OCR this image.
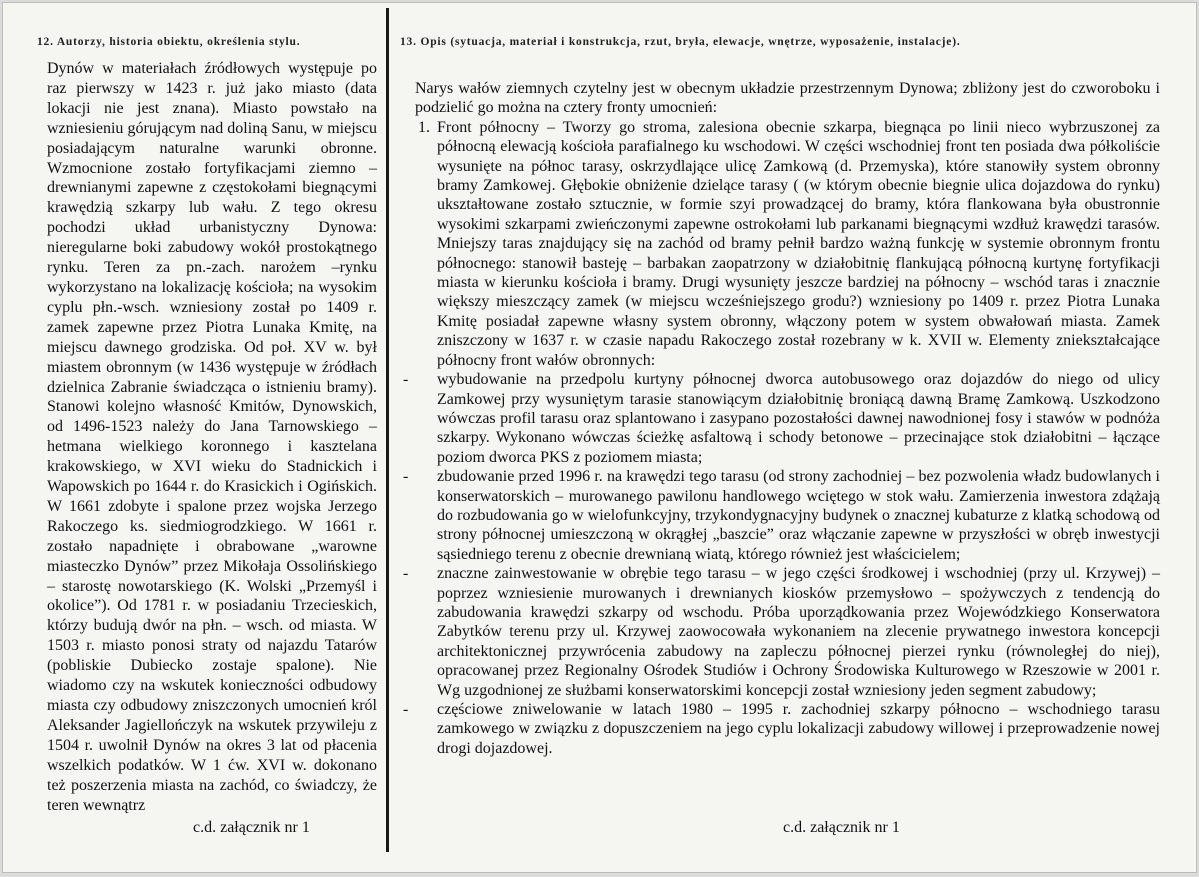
12. Autorzy, historia obiektu, określenia stylu.	13. Opis (sytuacja, materiał i konstrukcja, rzut, bryła, elewacje, wnętrze, wyposażenie, instalacje).

Dynów w materiałach źródłowych występuje po raz pierwszy w 1423 r. już jako miasto (data lokacji nie jest znana). Miasto powstało na wzniesieniu górującym nad doliną Sanu, w miejscu posiadającym naturalne warunki obronne. Wzmocnione zostało fortyfikacjami ziemno – drewnianymi zapewne z częstokołami biegnącymi krawędzią szkarpy lub wału. Z tego okresu pochodzi układ urbanistyczny Dynowa: nieregularne boki zabudowy wokół prostokątnego rynku. Teren za pn.-zach. narożem –rynku wykorzystano na lokalizację kościoła; na wysokim cyplu płn.-wsch. wzniesiony został po 1409 r. zamek zapewne przez Piotra Lunaka Kmitę, na miejscu dawnego grodziska. Od poł. XV w. był miastem obronnym (w 1436 występuje w źródłach dzielnica Zabranie świadcząca o istnieniu bramy). Stanowi kolejno własność Kmitów, Dynowskich, od 1496-1523 należy do Jana Tarnowskiego – hetmana wielkiego koronnego i kasztelana krakowskiego, w XVI wieku do Stadnickich i Wapowskich po 1644 r. do Krasickich i Ogińskich. W 1661 zdobyte i spalone przez wojska Jerzego Rakoczego ks. siedmiogrodzkiego. W 1661 r. zostało napadnięte i obrabowane „warowne miasteczko Dynów” przez Mikołaja Ossolińskiego – starostę nowotarskiego (K. Wolski „Przemyśl i okolice”). Od 1781 r. w posiadaniu Trzecieskich, którzy budują dwór na płn. – wsch. od miasta. W 1503 r. miasto ponosi straty od najazdu Tatarów (pobliskie Dubiecko zostaje spalone). Nie wiadomo czy na wskutek konieczności odbudowy miasta czy odbudowy zniszczonych umocnień król Aleksander Jagiellończyk na wskutek przywileju z 1504 r. uwolnił Dynów na okres 3 lat od płacenia wszelkich podatków. W 1 ćw. XVI w. dokonano też poszerzenia miasta na zachód, co świadczy, że teren wewnątrz

c.d. załącznik nr 1

Narys wałów ziemnych czytelny jest w obecnym układzie przestrzennym Dynowa; zbliżony jest do czworoboku i podzielić go można na cztery fronty umocnień:

1. Front północny – Tworzy go stroma, zalesiona obecnie szkarpa, biegnąca po linii nieco wybrzuszonej za północną elewacją kościoła parafialnego ku wschodowi. W części wschodniej front ten posiada dwa półkoliście wysunięte na północ tarasy, oskrzydlające ulicę Zamkową (d. Przemyska), które stanowiły system obronny bramy Zamkowej. Głębokie obniżenie dzielące tarasy ( (w którym obecnie biegnie ulica dojazdowa do rynku) ukształtowane zostało sztucznie, w formie szyi prowadzącej do bramy, która flankowana była obustronnie wysokimi szkarpami zwieńczonymi zapewne ostrokołami lub parkanami biegnącymi wzdłuż krawędzi tarasów. Mniejszy taras znajdujący się na zachód od bramy pełnił bardzo ważną funkcję w systemie obronnym frontu północnego: stanowił basteję – barbakan zaopatrzony w działobitnię flankującą północną kurtynę fortyfikacji miasta w kierunku kościoła i bramy. Drugi wysunięty jeszcze bardziej na północny – wschód taras i znacznie większy mieszczący zamek (w miejscu wcześniejszego grodu?) wzniesiony po 1409 r. przez Piotra Lunaka Kmitę posiadał zapewne własny system obronny, włączony potem w system obwałowań miasta. Zamek zniszczony w 1637 r. w czasie napadu Rakoczego został rozebrany w k. XVII w. Elementy zniekształcające północny front wałów obronnych:

- wybudowanie na przedpolu kurtyny północnej dworca autobusowego oraz dojazdów do niego od ulicy Zamkowej przy wysuniętym tarasie stanowiącym działobitnię broniącą dawną Bramę Zamkową. Uszkodzono wówczas profil tarasu oraz splantowano i zasypano pozostałości dawnej nawodnionej fosy i stawów w podnóża szkarpy. Wykonano wówczas ścieżkę asfaltową i schody betonowe – przecinające stok działobitni – łączące poziom dworca PKS z poziomem miasta;

- zbudowanie przed 1996 r. na krawędzi tego tarasu (od strony zachodniej – bez pozwolenia władz budowlanych i konserwatorskich – murowanego pawilonu handlowego wciętego w stok wału. Zamierzenia inwestora zdążają do rozbudowania go w wielofunkcyjny, trzykondygnacyjny budynek o znacznej kubaturze z klatką schodową od strony północnej umieszczoną w okrągłej „baszcie” oraz włączanie zapewne w przyszłości w obręb inwestycji sąsiedniego terenu z obecnie drewnianą wiatą, którego również jest właścicielem;

- znaczne zainwestowanie w obrębie tego tarasu – w jego części środkowej i wschodniej (przy ul. Krzywej) – poprzez wzniesienie murowanych i drewnianych kiosków przemysłowo – spożywczych z tendencją do zabudowania krawędzi szkarpy od wschodu. Próba uporządkowania przez Wojewódzkiego Konserwatora Zabytków terenu przy ul. Krzywej zaowocowała wykonaniem na zlecenie prywatnego inwestora koncepcji architektonicznej przywrócenia zabudowy na zapleczu północnej pierzei rynku (równoległej do niej), opracowanej przez Regionalny Ośrodek Studiów i Ochrony Środowiska Kulturowego w Rzeszowie w 2001 r. Wg uzgodnionej ze służbami konserwatorskimi koncepcji został wzniesiony jeden segment zabudowy;

- częściowe zniwelowanie w latach 1980 – 1995 r. zachodniej szkarpy północno – wschodniego tarasu zamkowego w związku z dopuszczeniem na jego cyplu lokalizacji zabudowy willowej i przeprowadzenie nowej drogi dojazdowej.

c.d. załącznik nr 1
